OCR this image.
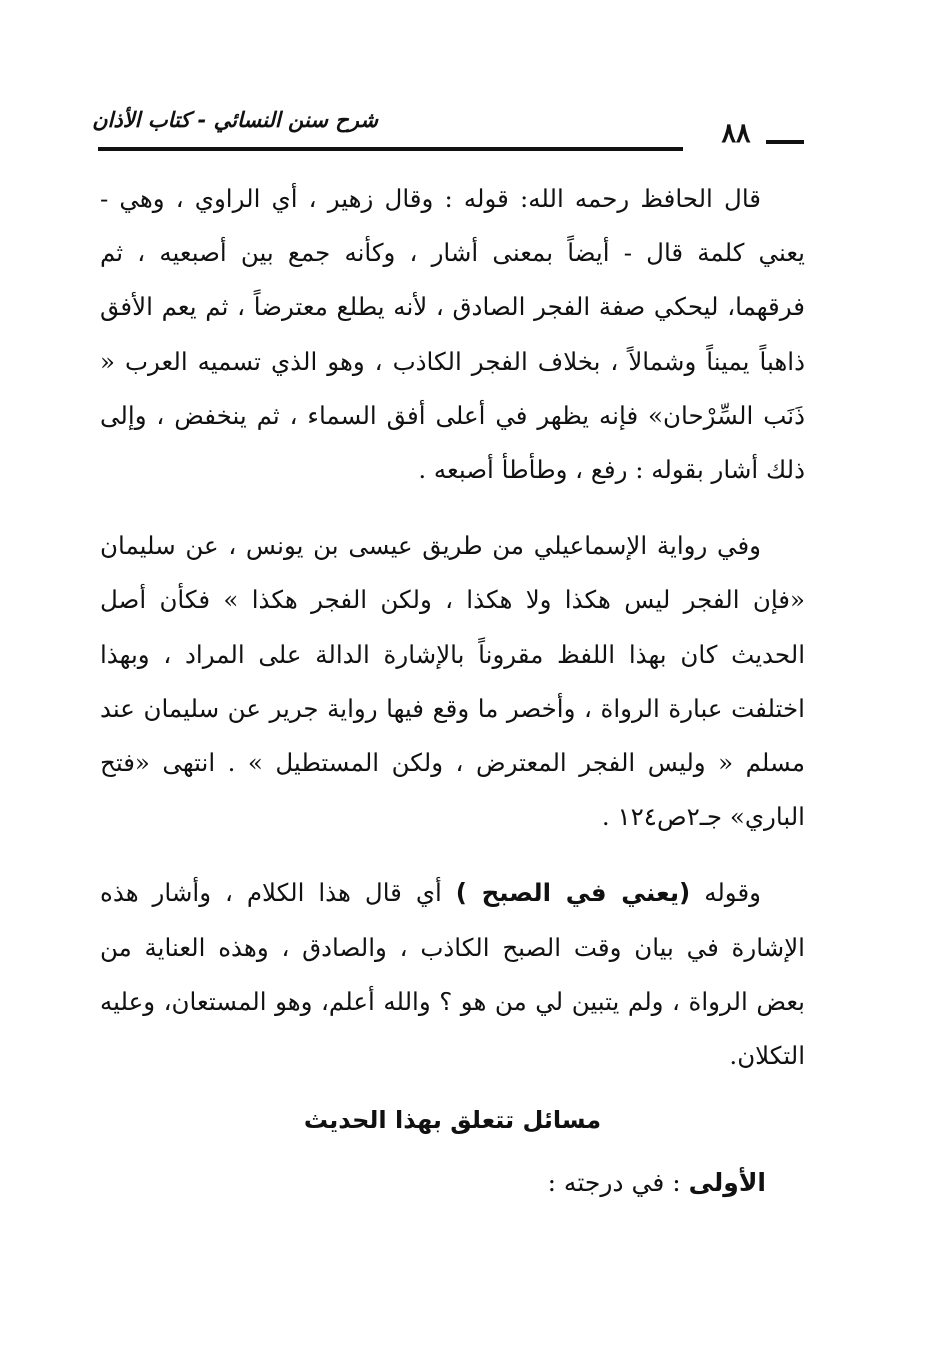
شرح سنن النسائي - كتاب الأذان	٨٨

قال الحافظ رحمه الله: قوله : وقال زهير ، أي الراوي ، وهي - يعني كلمة قال - أيضاً بمعنى أشار ، وكأنه جمع بين أصبعيه ، ثم فرقهما، ليحكي صفة الفجر الصادق ، لأنه يطلع معترضاً ، ثم يعم الأفق ذاهباً يميناً وشمالاً ، بخلاف الفجر الكاذب ، وهو الذي تسميه العرب « ذَنَب السِّرْحان» فإنه يظهر في أعلى أفق السماء ، ثم ينخفض ، وإلى ذلك أشار بقوله : رفع ، وطأطأ أصبعه .

وفي رواية الإسماعيلي من طريق عيسى بن يونس ، عن سليمان «فإن الفجر ليس هكذا ولا هكذا ، ولكن الفجر هكذا » فكأن أصل الحديث كان بهذا اللفظ مقروناً بالإشارة الدالة على المراد ، وبهذا اختلفت عبارة الرواة ، وأخصر ما وقع فيها رواية جرير عن سليمان عند مسلم « وليس الفجر المعترض ، ولكن المستطيل » . انتهى «فتح الباري» جـ٢ص١٢٤ .

وقوله (يعني في الصبح ) أي قال هذا الكلام ، وأشار هذه الإشارة في بيان وقت الصبح الكاذب ، والصادق ، وهذه العناية من بعض الرواة ، ولم يتبين لي من هو ؟ والله أعلم، وهو المستعان، وعليه التكلان.

مسائل تتعلق بهذا الحديث
الأولى : في درجته :
